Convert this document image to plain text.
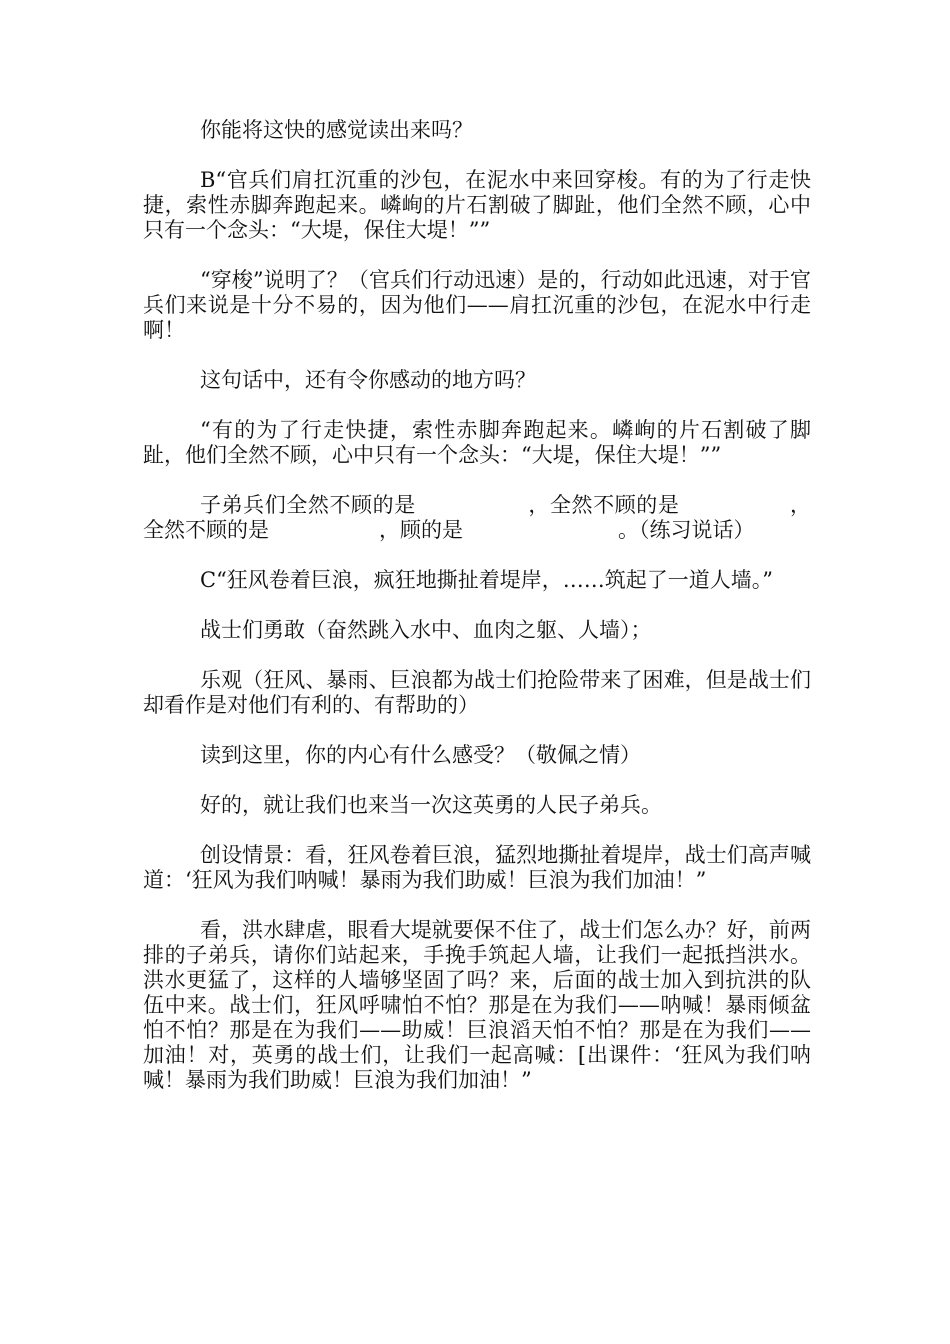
你能将这快的感觉读出来吗？

B“官兵们肩扛沉重的沙包，在泥水中来回穿梭。有的为了行走快捷，索性赤脚奔跑起来。嶙峋的片石割破了脚趾，他们全然不顾，心中只有一个念头：“大堤，保住大堤！””

“穿梭”说明了？（官兵们行动迅速）是的，行动如此迅速，对于官兵们来说是十分不易的，因为他们——肩扛沉重的沙包，在泥水中行走啊！

这句话中，还有令你感动的地方吗？

“有的为了行走快捷，索性赤脚奔跑起来。嶙峋的片石割破了脚趾，他们全然不顾，心中只有一个念头：“大堤，保住大堤！””

子弟兵们全然不顾的是	，全然不顾的是	，全然不顾的是	，顾的是	。（练习说话）

C“狂风卷着巨浪，疯狂地撕扯着堤岸，……筑起了一道人墙。”

战士们勇敢（奋然跳入水中、血肉之躯、人墙）；

乐观（狂风、暴雨、巨浪都为战士们抢险带来了困难，但是战士们却看作是对他们有利的、有帮助的）

读到这里，你的内心有什么感受？（敬佩之情）

好的，就让我们也来当一次这英勇的人民子弟兵。

创设情景：看，狂风卷着巨浪，猛烈地撕扯着堤岸，战士们高声喊道：‘狂风为我们呐喊！暴雨为我们助威！巨浪为我们加油！”

看，洪水肆虐，眼看大堤就要保不住了，战士们怎么办？好，前两排的子弟兵，请你们站起来，手挽手筑起人墙，让我们一起抵挡洪水。洪水更猛了，这样的人墙够坚固了吗？来，后面的战士加入到抗洪的队伍中来。战士们，狂风呼啸怕不怕？那是在为我们——呐喊！暴雨倾盆怕不怕？那是在为我们——助威！巨浪滔天怕不怕？那是在为我们——加油！对，英勇的战士们，让我们一起高喊：[出课件：‘狂风为我们呐喊！暴雨为我们助威！巨浪为我们加油！”
